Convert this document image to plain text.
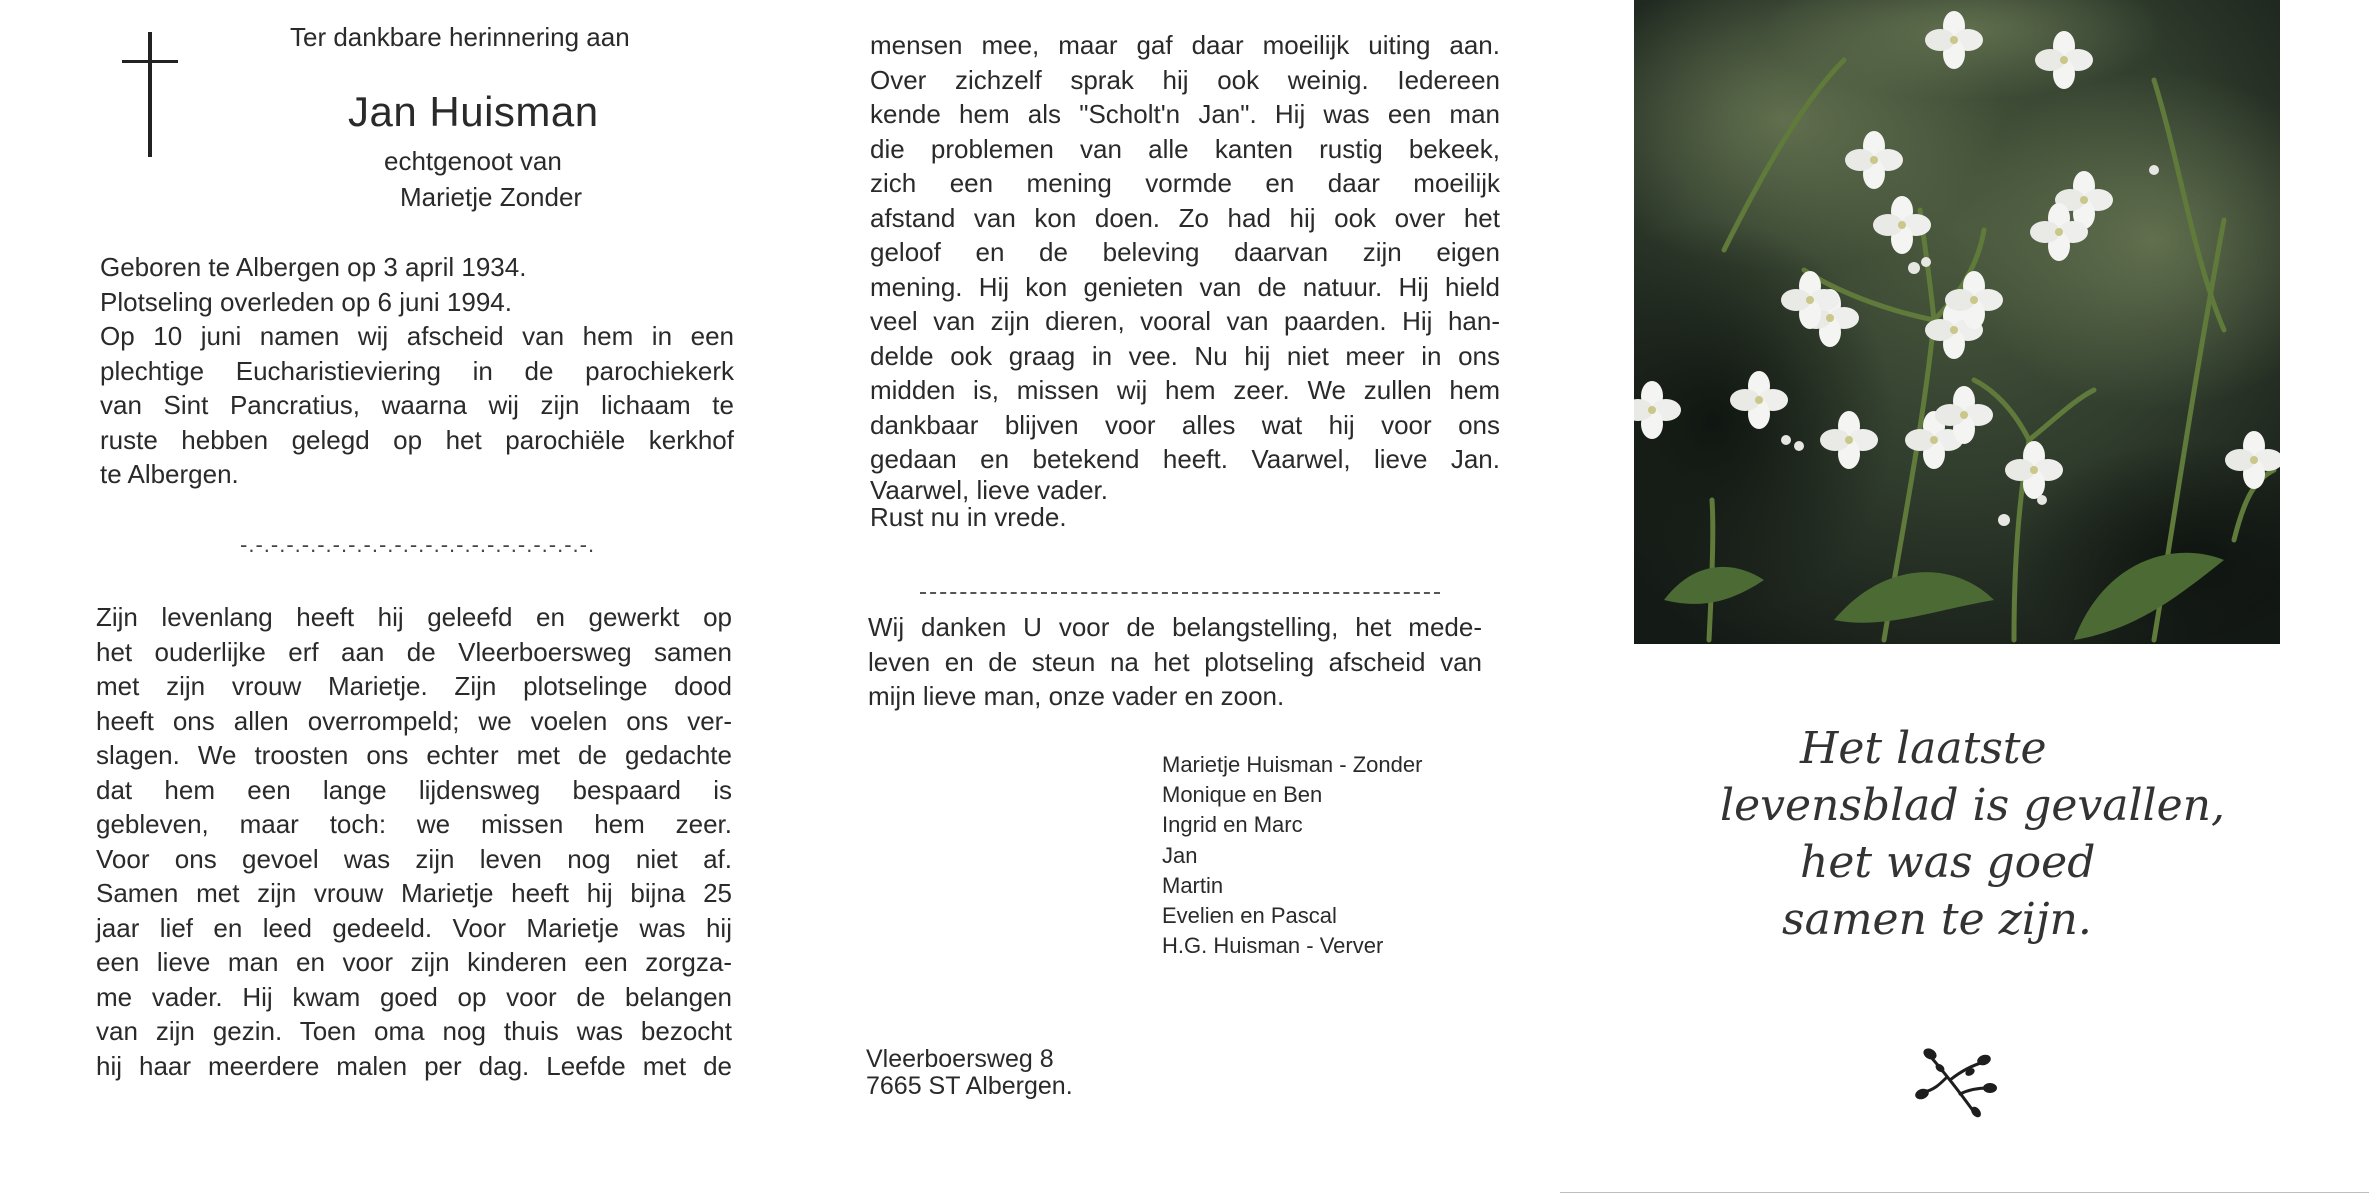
Ter dankbare herinnering aan
Jan Huisman
echtgenoot van
Marietje Zonder
Geboren te Albergen op 3 april 1934.
Plotseling overleden op 6 juni 1994.
Op 10 juni namen wij afscheid van hem in een
plechtige Eucharistieviering in de parochiekerk
van Sint Pancratius, waarna wij zijn lichaam te
ruste hebben gelegd op het parochiële kerkhof
te Albergen.
-.-.-.-.-.-.-.-.-.-.-.-.-.-.-.-.-.-.-.-.-.-.-.
Zijn levenlang heeft hij geleefd en gewerkt op
het ouderlijke erf aan de Vleerboersweg samen
met zijn vrouw Marietje. Zijn plotselinge dood
heeft ons allen overrompeld; we voelen ons ver-
slagen. We troosten ons echter met de gedachte
dat hem een lange lijdensweg bespaard is
gebleven, maar toch: we missen hem zeer.
Voor ons gevoel was zijn leven nog niet af.
Samen met zijn vrouw Marietje heeft hij bijna 25
jaar lief en leed gedeeld. Voor Marietje was hij
een lieve man en voor zijn kinderen een zorgza-
me vader. Hij kwam goed op voor de belangen
van zijn gezin. Toen oma nog thuis was bezocht
hij haar meerdere malen per dag. Leefde met de
mensen mee, maar gaf daar moeilijk uiting aan.
Over zichzelf sprak hij ook weinig. Iedereen
kende hem als "Scholt'n Jan". Hij was een man
die problemen van alle kanten rustig bekeek,
zich een mening vormde en daar moeilijk
afstand van kon doen. Zo had hij ook over het
geloof en de beleving daarvan zijn eigen
mening. Hij kon genieten van de natuur. Hij hield
veel van zijn dieren, vooral van paarden. Hij han-
delde ook graag in vee. Nu hij niet meer in ons
midden is, missen wij hem zeer. We zullen hem
dankbaar blijven voor alles wat hij voor ons
gedaan en betekend heeft. Vaarwel, lieve Jan.
Vaarwel, lieve vader.
Rust nu in vrede.
Wij danken U voor de belangstelling, het mede-
leven en de steun na het plotseling afscheid van
mijn lieve man, onze vader en zoon.
Marietje Huisman - Zonder
Monique en Ben
Ingrid en Marc
Jan
Martin
Evelien en Pascal
H.G. Huisman - Verver
Vleerboersweg 8
7665 ST Albergen.
Het laatste
levensblad is gevallen,
het was goed
samen te zijn.
